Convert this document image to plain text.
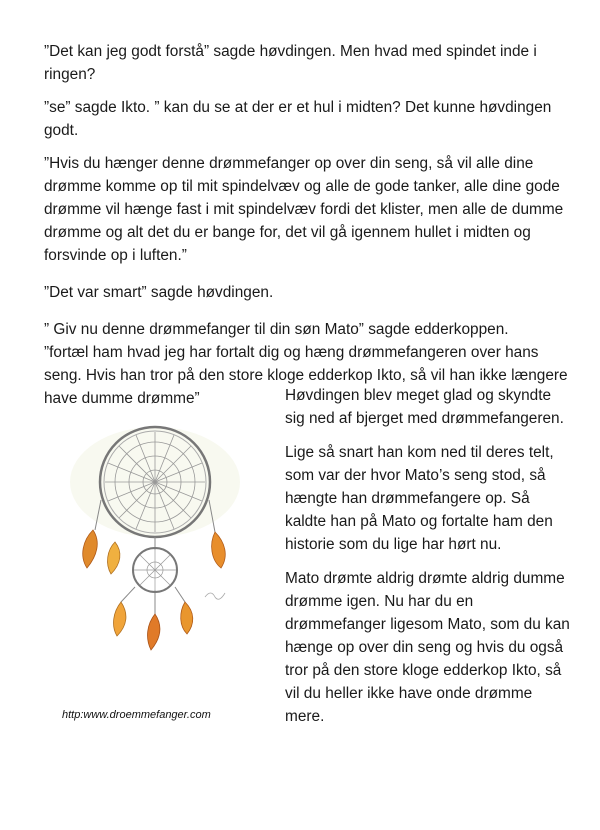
”Det kan jeg godt forstå” sagde høvdingen. Men hvad med spindet inde i ringen?

”se” sagde Ikto. ” kan du se at der er et hul i midten? Det kunne høvdingen godt.

”Hvis du hænger denne drømmefanger op over din seng, så vil alle dine drømme komme op til mit spindelvæv og alle de gode tanker, alle dine gode drømme vil hænge fast i mit spindelvæv fordi det klister, men alle de dumme drømme og alt det du er bange for, det vil gå igennem hullet i midten og forsvinde op i luften.”

”Det var smart” sagde høvdingen.

” Giv nu denne drømmefanger til din søn Mato” sagde edderkoppen.

”fortæl ham hvad jeg har fortalt dig og hæng drømmefangeren over hans seng. Hvis han tror på den store kloge edderkop Ikto, så vil han ikke længere have dumme drømme”

http:www.droemmefanger.com

Høvdingen blev meget glad og skyndte sig ned af bjerget med drømmefangeren.

Lige så snart han kom ned til deres telt, som var der hvor Mato’s seng stod, så hængte han drømmefangere op. Så kaldte han på Mato og fortalte ham den historie som du lige har hørt nu.

Mato drømte aldrig drømte aldrig dumme drømme igen. Nu har du en drømmefanger ligesom Mato, som du kan hænge op over din seng og hvis du også tror på den store kloge edderkop Ikto, så vil du heller ikke have onde drømme mere.
